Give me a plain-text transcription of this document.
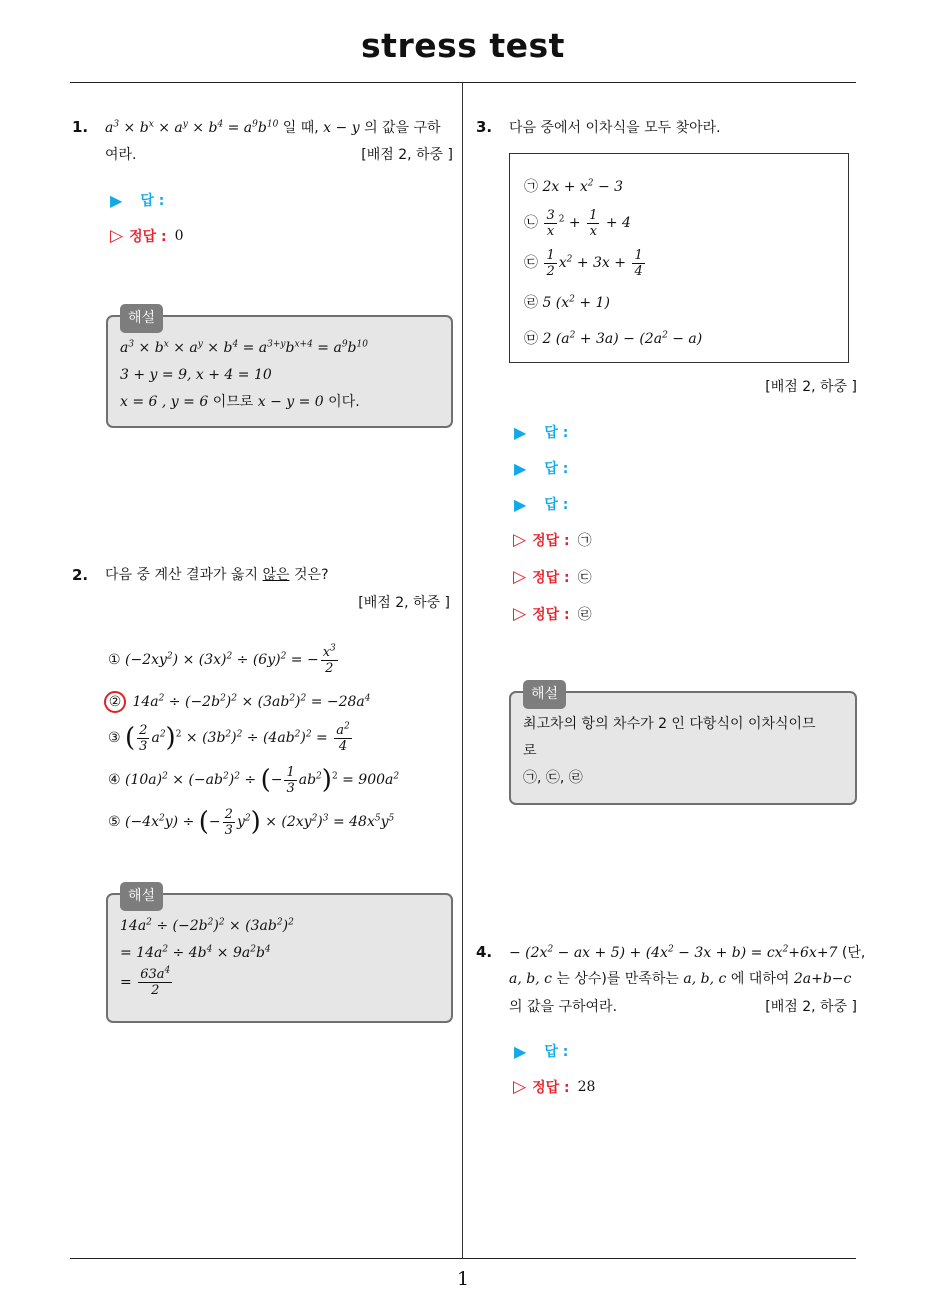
stress test
1
1. $a^3 \times b^x \times a^y \times b^4 = a^9b^{10}$ 일 때, x − y 의 값을 구하
여라.	[배점 2, 하중 ]
▶ 답 :
▷ 정답 : 0
해설
$a^3 \times b^x \times a^y \times b^4 = a^{3+y}b^{x+4} = a^9b^{10}$
3 + y = 9, x + 4 = 10
x = 6 , y = 6 이므로 x − y = 0 이다.
2. 다음 중 계산 결과가 옳지 않은 것은?
[배점 2, 하중 ]
① $(-2xy^2) \times (3x)^2 \div (6y)^2$ = − $\frac{x^3}{2}$
② $14a^2 \div (-2b^2)^2 \times (3ab^2)^2 = -28a^4$
③ ( $\frac{2}{3} a^2)^2 \times (3b^2)^2 \div (4ab^2)^2 = \frac{a^2}{4}$
④ $(10a)^2 \times (-ab^2)^2$ ÷ (− $\frac{1}{3} ab^2)^2 = 900a^2$
⑤ $(-4x^2y)$ ÷ (− $\frac{2}{3} y^2) \times (2xy^2)^3 = 48x^5y^5$
해설
$14a^2 \div (-2b^2)^2 \times (3ab^2)^2$
= $14a^2 \div 4b^4 \times 9a^2b^4$
= $\frac{63a^4}{2}$
3. 다음 중에서 이차식을 모두 찾아라.
㉠ $2x + x^2 - 3$
㉡ $\frac{3}{x} ^2 + \frac{1}{x} + 4$
㉢ $\frac{1}{2} x^2 + 3x + \frac{1}{4}$
㉣ 5 $(x^2 + 1)$
㉤ 2 $(a^2 + 3a) - (2a^2 - a)$
[배점 2, 하중 ]
▶ 답 :
▶ 답 :
▶ 답 :
▷ 정답 : ㉠
▷ 정답 : ㉢
▷ 정답 : ㉣
해설
최고차의 항의 차수가 2 인 다항식이 이차식이므
로
㉠, ㉢, ㉣
4. − ($2x^2$ − ax + $5) + (4x^2 - 3x + b) = cx^2+6x+7$ (단,
a, b, c 는 상수)를 만족하는 a, b, c 에 대하여 2a+b−c
의 값을 구하여라.	[배점 2, 하중 ]
▶ 답 :
▷ 정답 : 28
